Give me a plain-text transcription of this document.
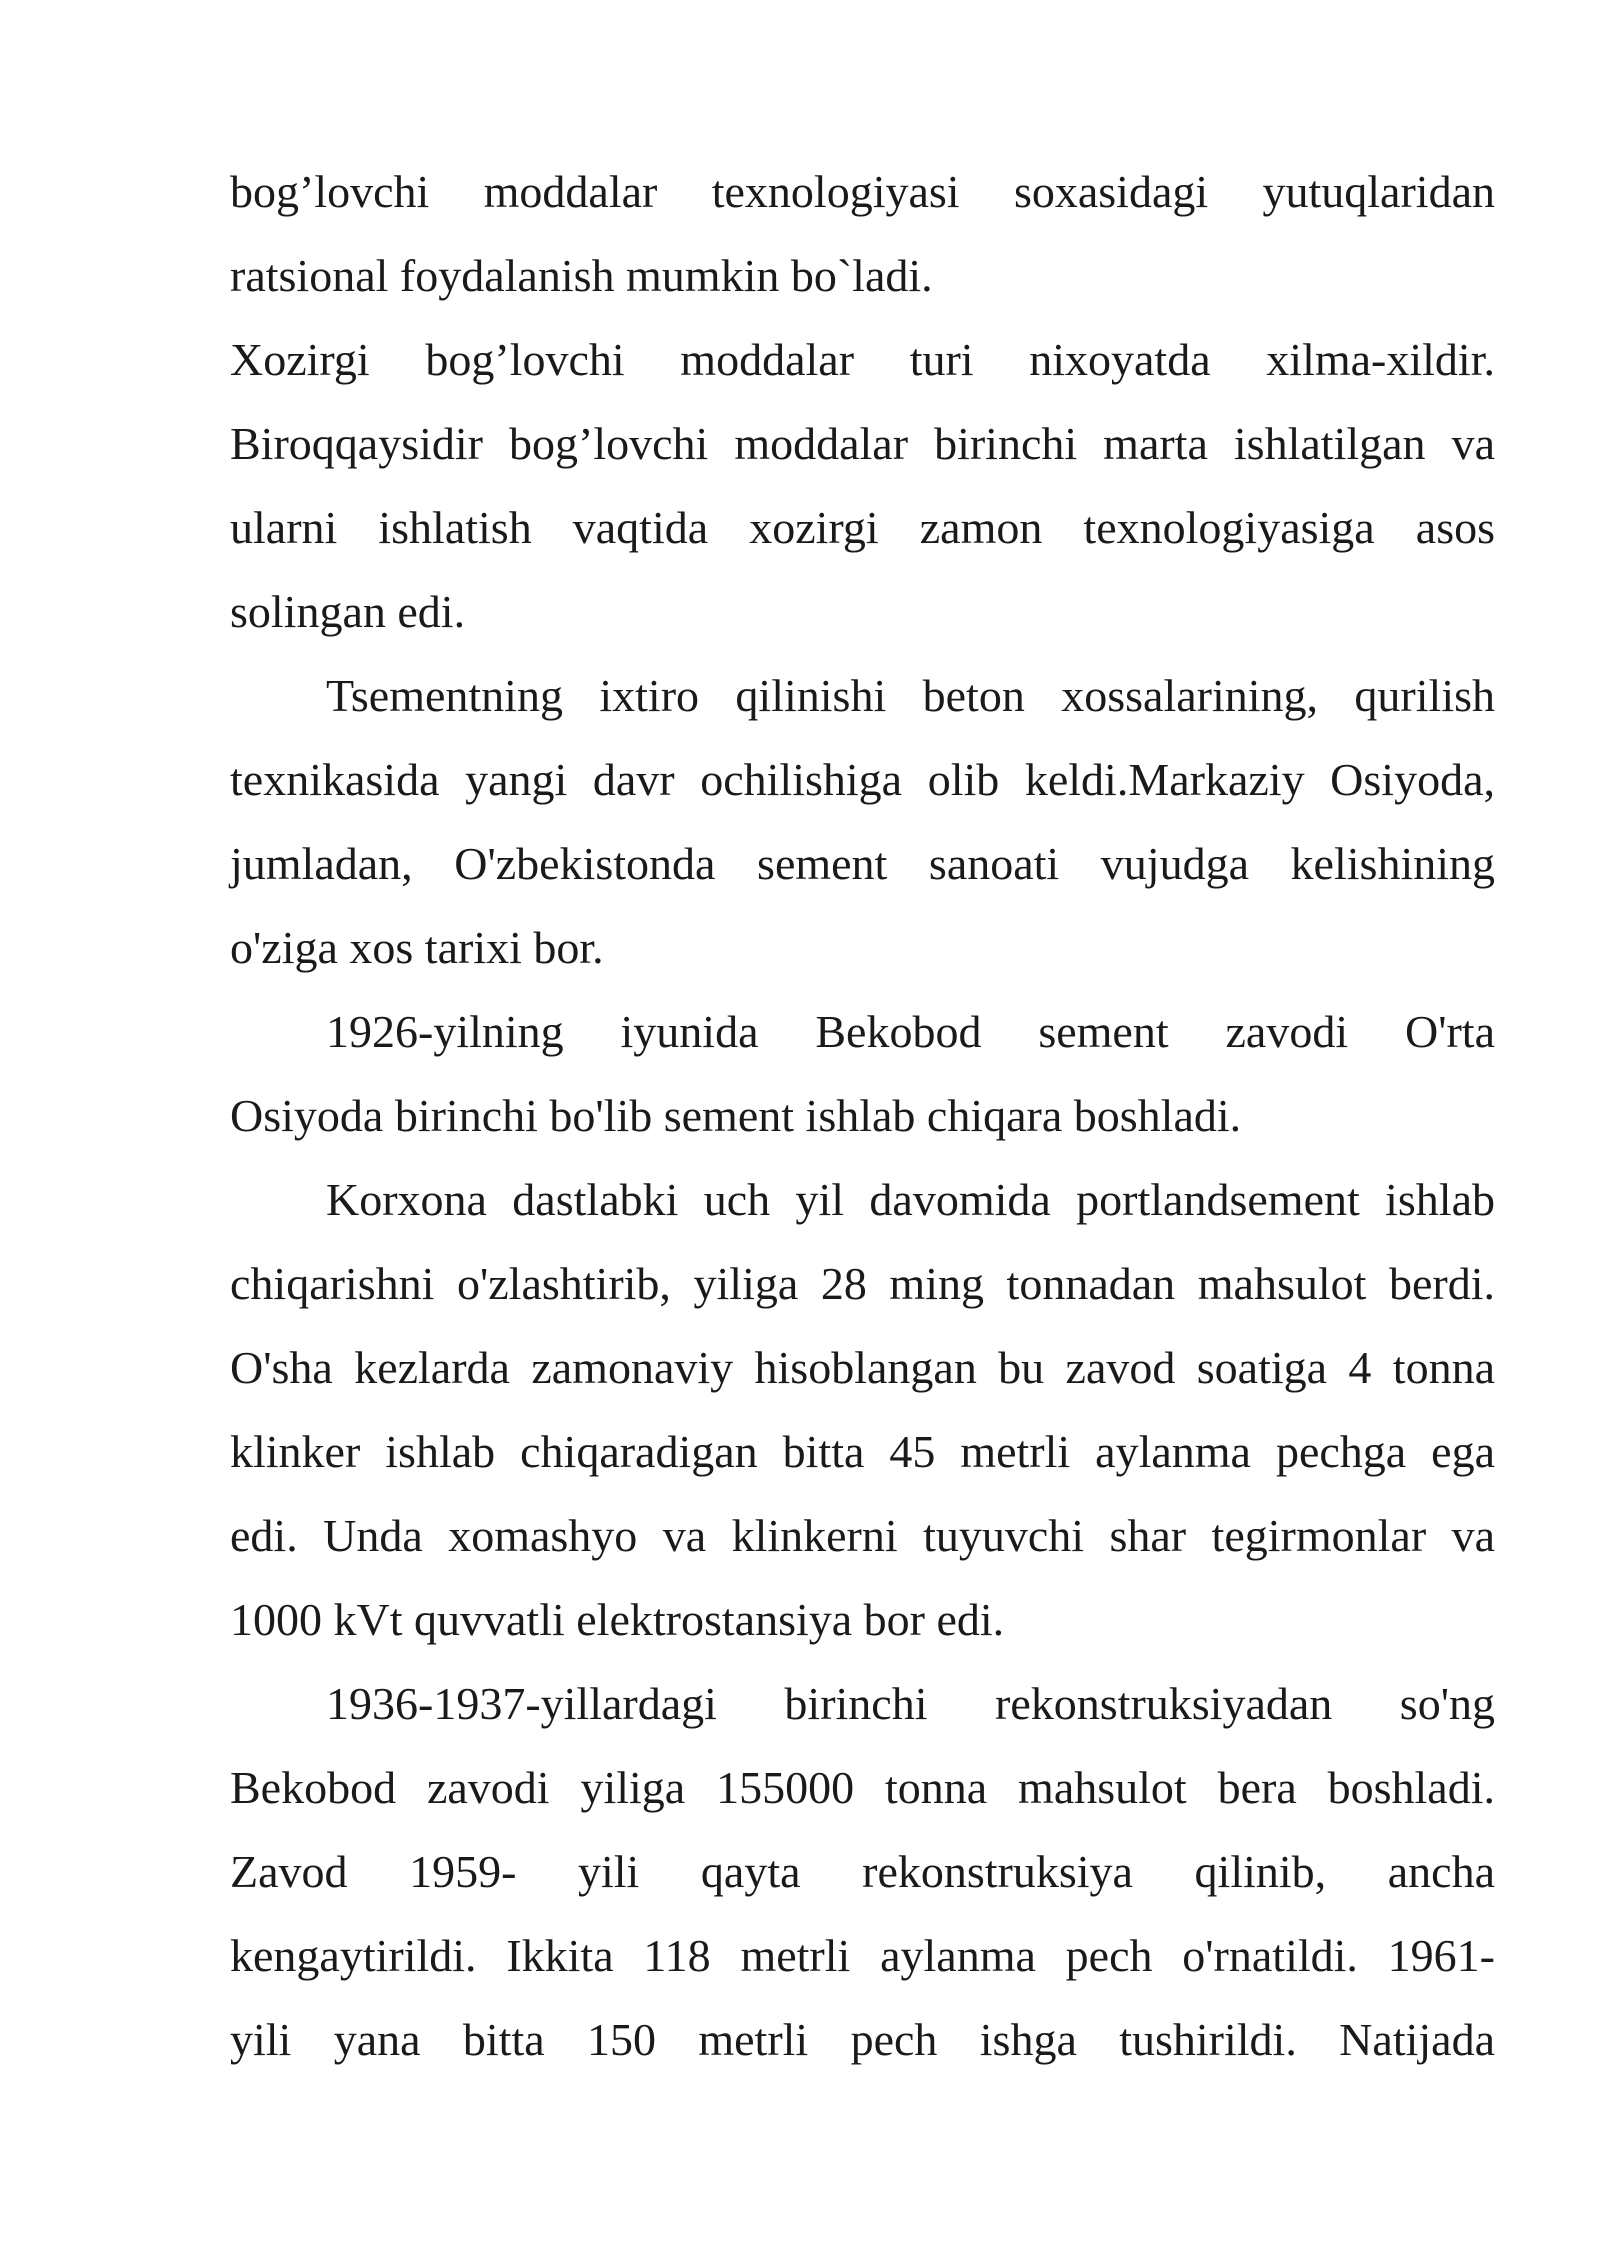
bog’lovchi moddalar texnologiyasi soxasidagi yutuqlaridan
ratsional foydalanish mumkin bo`ladi.

Xozirgi bog’lovchi moddalar turi nixoyatda xilma-xildir.
Biroqqaysidir bog’lovchi moddalar birinchi marta ishlatilgan va
ularni ishlatish vaqtida xozirgi zamon texnologiyasiga asos
solingan edi.

Tsementning ixtiro qilinishi beton xossalarining, qurilish
texnikasida yangi davr ochilishiga olib keldi.Markaziy Osiyoda,
jumladan, O'zbekistonda sement sanoati vujudga kelishining
o'ziga xos tarixi bor.

1926-yilning iyunida Bekobod sement zavodi O'rta
Osiyoda birinchi bo'lib sement ishlab chiqara boshladi.

Korxona dastlabki uch yil davomida portlandsement ishlab
chiqarishni o'zlashtirib, yiliga 28 ming tonnadan mahsulot berdi.
O'sha kezlarda zamonaviy hisoblangan bu zavod soatiga 4 tonna
klinker ishlab chiqaradigan bitta 45 metrli aylanma pechga ega
edi. Unda xomashyo va klinkerni tuyuvchi shar tegirmonlar va
1000 kVt quvvatli elektrostansiya bor edi.

1936-1937-yillardagi birinchi rekonstruksiyadan so'ng
Bekobod zavodi yiliga 155000 tonna mahsulot bera boshladi.
Zavod 1959- yili qayta rekonstruksiya qilinib, ancha
kengaytirildi. Ikkita 118 metrli aylanma pech o'rnatildi. 1961-
yili yana bitta 150 metrli pech ishga tushirildi. Natijada
